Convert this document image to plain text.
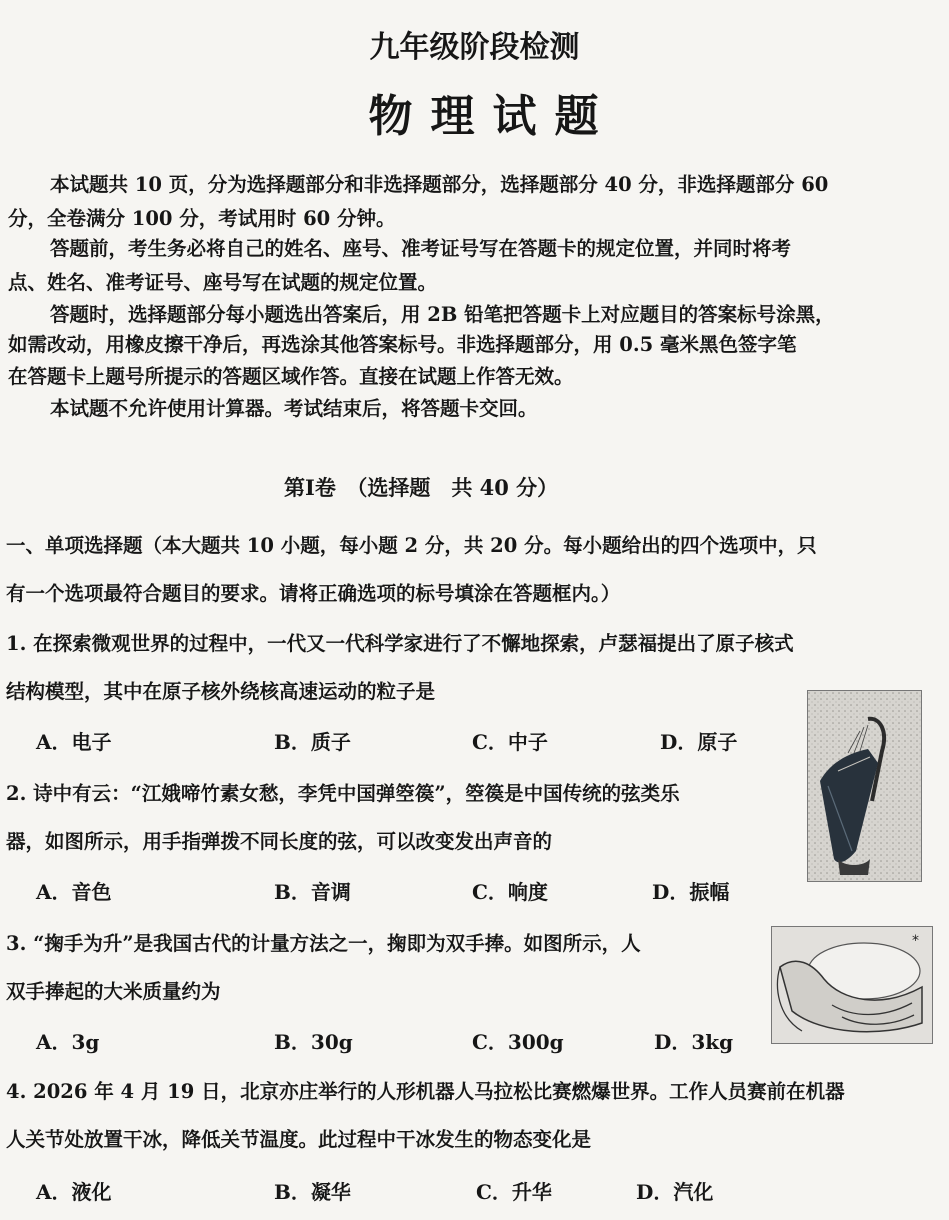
九年级阶段检测
物理试题
本试题共 10 页，分为选择题部分和非选择题部分，选择题部分 40 分，非选择题部分 60
分，全卷满分 100 分，考试用时 60 分钟。
答题前，考生务必将自己的姓名、座号、准考证号写在答题卡的规定位置，并同时将考
点、姓名、准考证号、座号写在试题的规定位置。
答题时，选择题部分每小题选出答案后，用 2B 铅笔把答题卡上对应题目的答案标号涂黑，
如需改动，用橡皮擦干净后，再选涂其他答案标号。非选择题部分，用 0.5 毫米黑色签字笔
在答题卡上题号所提示的答题区域作答。直接在试题上作答无效。
本试题不允许使用计算器。考试结束后，将答题卡交回。
第Ⅰ卷　（选择题　共 40 分）
一、单项选择题（本大题共 10 小题，每小题 2 分，共 20 分。每小题给出的四个选项中，只
有一个选项最符合题目的要求。请将正确选项的标号填涂在答题框内。）
1. 在探索微观世界的过程中，一代又一代科学家进行了不懈地探索，卢瑟福提出了原子核式
结构模型，其中在原子核外绕核高速运动的粒子是
A．电子	B．质子	C．中子	D．原子
2. 诗中有云：“江娥啼竹素女愁，李凭中国弹箜篌”，箜篌是中国传统的弦类乐
器，如图所示，用手指弹拨不同长度的弦，可以改变发出声音的
A．音色	B．音调	C．响度	D．振幅
*
3. “掬手为升”是我国古代的计量方法之一，掬即为双手捧。如图所示，人
双手捧起的大米质量约为
A．3g	B．30g	C．300g	D．3kg
4. 2026 年 4 月 19 日，北京亦庄举行的人形机器人马拉松比赛燃爆世界。工作人员赛前在机器
人关节处放置干冰，降低关节温度。此过程中干冰发生的物态变化是
A．液化	B．凝华	C．升华	D．汽化
